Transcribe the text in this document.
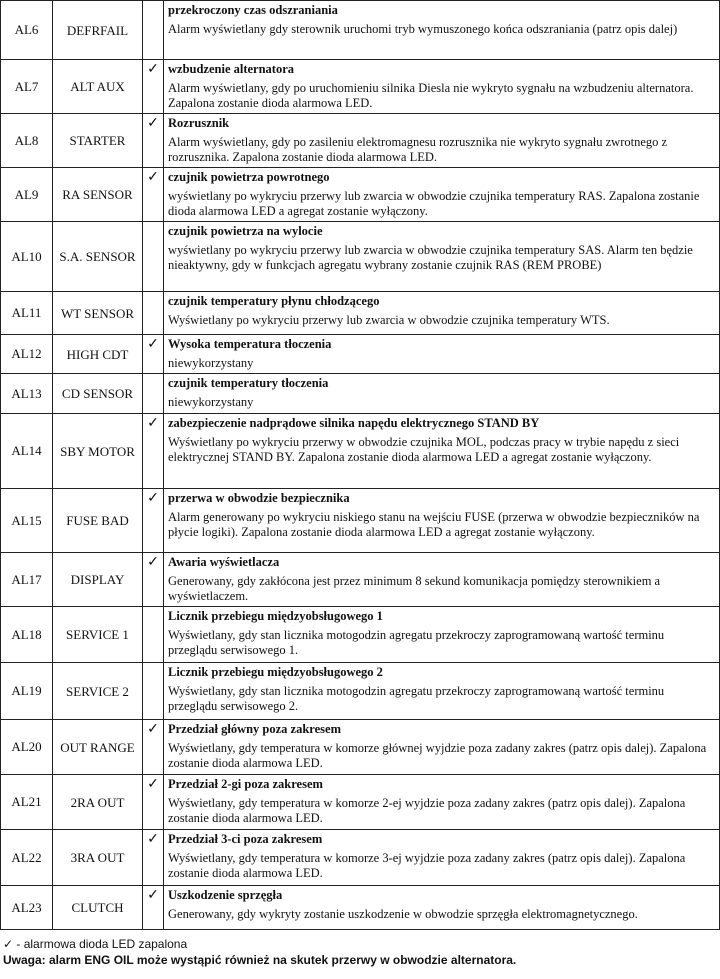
AL6	DEFRFAIL		przekroczony czas odszraniania
Alarm wyświetlany gdy sterownik uruchomi tryb wymuszonego końca odszraniania (patrz opis dalej)

AL7	ALT AUX	✓	wzbudzenie alternatora
Alarm wyświetlany, gdy po uruchomieniu silnika Diesla nie wykryto sygnału na wzbudzeniu alternatora. Zapalona zostanie dioda alarmowa LED.

AL8	STARTER	✓	Rozrusznik
Alarm wyświetlany, gdy po zasileniu elektromagnesu rozrusznika nie wykryto sygnału zwrotnego z rozrusznika. Zapalona zostanie dioda alarmowa LED.

AL9	RA SENSOR	✓	czujnik powietrza powrotnego
wyświetlany po wykryciu przerwy lub zwarcia w obwodzie czujnika temperatury RAS. Zapalona zostanie dioda alarmowa LED a agregat zostanie wyłączony.

AL10	S.A. SENSOR		czujnik powietrza na wylocie
wyświetlany po wykryciu przerwy lub zwarcia w obwodzie czujnika temperatury SAS. Alarm ten będzie nieaktywny, gdy w funkcjach agregatu wybrany zostanie czujnik RAS (REM PROBE)

AL11	WT SENSOR		czujnik temperatury płynu chłodzącego
Wyświetlany po wykryciu przerwy lub zwarcia w obwodzie czujnika temperatury WTS.

AL12	HIGH CDT	✓	Wysoka temperatura tłoczenia
niewykorzystany

AL13	CD SENSOR		czujnik temperatury tłoczenia
niewykorzystany

AL14	SBY MOTOR	✓	zabezpieczenie nadprądowe silnika napędu elektrycznego STAND BY
Wyświetlany po wykryciu przerwy w obwodzie czujnika MOL, podczas pracy w trybie napędu z sieci elektrycznej STAND BY. Zapalona zostanie dioda alarmowa LED a agregat zostanie wyłączony.

AL15	FUSE BAD	✓	przerwa w obwodzie bezpiecznika
Alarm generowany po wykryciu niskiego stanu na wejściu FUSE (przerwa w obwodzie bezpieczników na płycie logiki). Zapalona zostanie dioda alarmowa LED a agregat zostanie wyłączony.

AL17	DISPLAY	✓	Awaria wyświetlacza
Generowany, gdy zakłócona jest przez minimum 8 sekund komunikacja pomiędzy sterownikiem a wyświetlaczem.

AL18	SERVICE 1		Licznik przebiegu międzyobsługowego 1
Wyświetlany, gdy stan licznika motogodzin agregatu przekroczy zaprogramowaną wartość terminu przeglądu serwisowego 1.

AL19	SERVICE 2		Licznik przebiegu międzyobsługowego 2
Wyświetlany, gdy stan licznika motogodzin agregatu przekroczy zaprogramowaną wartość terminu przeglądu serwisowego 2.

AL20	OUT RANGE	✓	Przedział główny poza zakresem
Wyświetlany, gdy temperatura w komorze głównej wyjdzie poza zadany zakres (patrz opis dalej). Zapalona zostanie dioda alarmowa LED.

AL21	2RA OUT	✓	Przedział 2-gi poza zakresem
Wyświetlany, gdy temperatura w komorze 2-ej wyjdzie poza zadany zakres (patrz opis dalej). Zapalona zostanie dioda alarmowa LED.

AL22	3RA OUT	✓	Przedział 3-ci poza zakresem
Wyświetlany, gdy temperatura w komorze 3-ej wyjdzie poza zadany zakres (patrz opis dalej). Zapalona zostanie dioda alarmowa LED.

AL23	CLUTCH	✓	Uszkodzenie sprzęgła
Generowany, gdy wykryty zostanie uszkodzenie w obwodzie sprzęgła elektromagnetycznego.
✓ - alarmowa dioda LED zapalona
Uwaga: alarm ENG OIL może wystąpić również na skutek przerwy w obwodzie alternatora.
